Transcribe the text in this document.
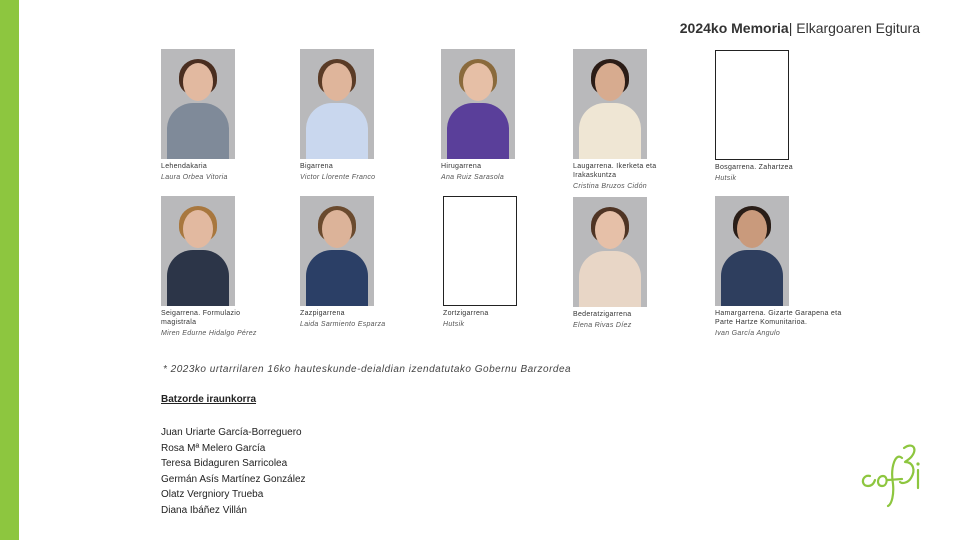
2024ko Memoria| Elkargoaren Egitura
Lehendakaria
Laura Orbea Vitoria
Bigarrena
Victor Llorente Franco
Hirugarrena
Ana Ruiz Sarasola
Laugarrena. Ikerketa eta Irakaskuntza
Cristina Bruzos Cidón
Bosgarrena. Zahartzea
Hutsik
Seigarrena. Formulazio magistrala
Miren Edurne Hidalgo Pérez
Zazpigarrena
Laida Sarmiento Esparza
Zortzigarrena
Hutsik
Bederatzigarrena
Elena Rivas Díez
Hamargarrena. Gizarte Garapena eta Parte Hartze Komunitarioa.
Ivan García Angulo
* 2023ko urtarrilaren 16ko hauteskunde-deialdian izendatutako Gobernu Barzordea
Batzorde iraunkorra
Juan Uriarte García-Borreguero
Rosa Mª Melero García
Teresa Bidaguren Sarricolea
Germán Asís Martínez González
Olatz Vergniory Trueba
Diana Ibáñez Villán
